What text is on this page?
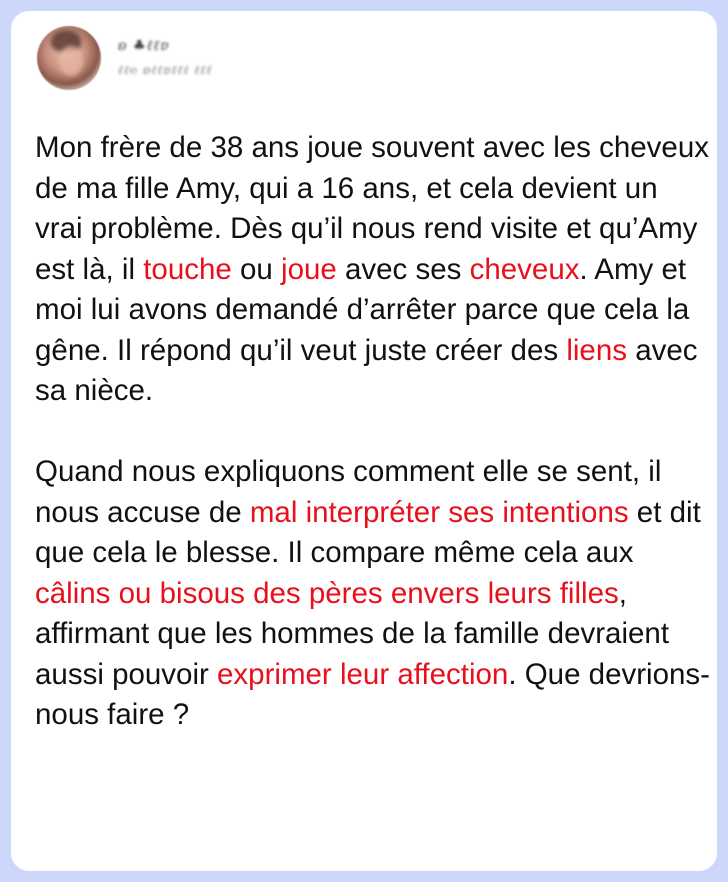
ʚ ♣ℓℓɐ
ℓℓ℮ ʚℓℓɐℓℓℓ ℓℓℓ

Mon frère de 38 ans joue souvent avec les cheveux de ma fille Amy, qui a 16 ans, et cela devient un vrai problème. Dès qu’il nous rend visite et qu’Amy est là, il touche ou joue avec ses cheveux. Amy et moi lui avons demandé d’arrêter parce que cela la gêne. Il répond qu’il veut juste créer des liens avec sa nièce.

Quand nous expliquons comment elle se sent, il nous accuse de mal interpréter ses intentions et dit que cela le blesse. Il compare même cela aux câlins ou bisous des pères envers leurs filles, affirmant que les hommes de la famille devraient aussi pouvoir exprimer leur affection. Que devrions-nous faire ?
